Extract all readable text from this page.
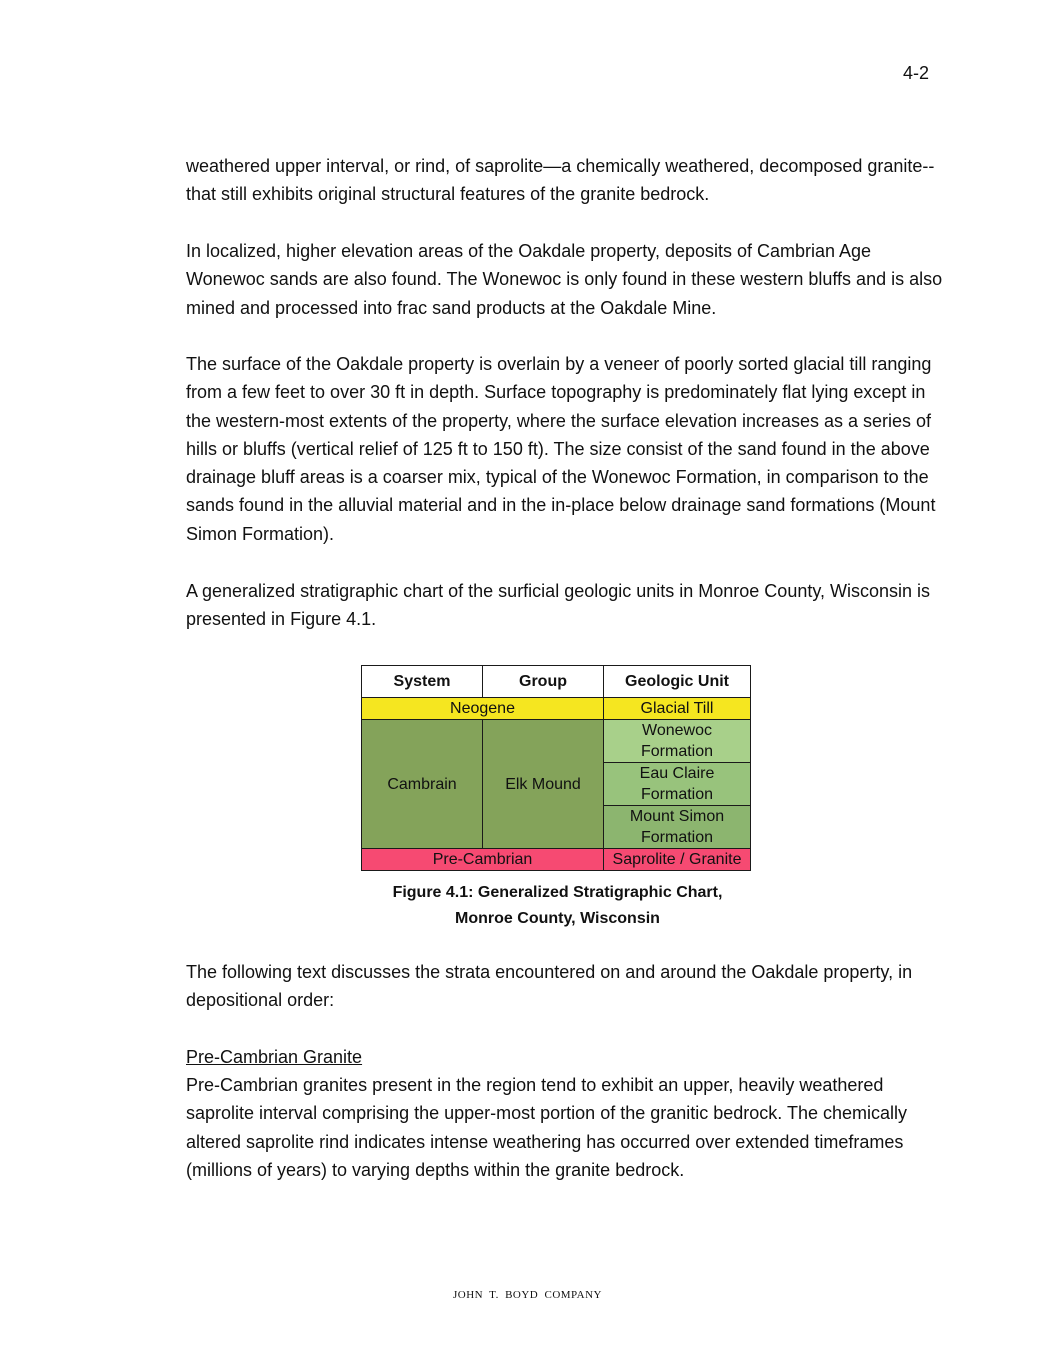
4-2

weathered upper interval, or rind, of saprolite—a chemically weathered, decomposed granite--that still exhibits original structural features of the granite bedrock.

In localized, higher elevation areas of the Oakdale property, deposits of Cambrian Age Wonewoc sands are also found. The Wonewoc is only found in these western bluffs and is also mined and processed into frac sand products at the Oakdale Mine.

The surface of the Oakdale property is overlain by a veneer of poorly sorted glacial till ranging from a few feet to over 30 ft in depth. Surface topography is predominately flat lying except in the western-most extents of the property, where the surface elevation increases as a series of hills or bluffs (vertical relief of 125 ft to 150 ft). The size consist of the sand found in the above drainage bluff areas is a coarser mix, typical of the Wonewoc Formation, in comparison to the sands found in the alluvial material and in the in-place below drainage sand formations (Mount Simon Formation).

A generalized stratigraphic chart of the surficial geologic units in Monroe County, Wisconsin is presented in Figure 4.1.

System	Group	Geologic Unit
Neogene		Glacial Till
Cambrain	Elk Mound	Wonewoc Formation
		Eau Claire Formation
		Mount Simon Formation
Pre-Cambrian		Saprolite / Granite
Figure 4.1: Generalized Stratigraphic Chart,
Monroe County, Wisconsin

The following text discusses the strata encountered on and around the Oakdale property, in depositional order:

Pre-Cambrian Granite

Pre-Cambrian granites present in the region tend to exhibit an upper, heavily weathered saprolite interval comprising the upper-most portion of the granitic bedrock. The chemically altered saprolite rind indicates intense weathering has occurred over extended timeframes (millions of years) to varying depths within the granite bedrock.

JOHN T. BOYD COMPANY
